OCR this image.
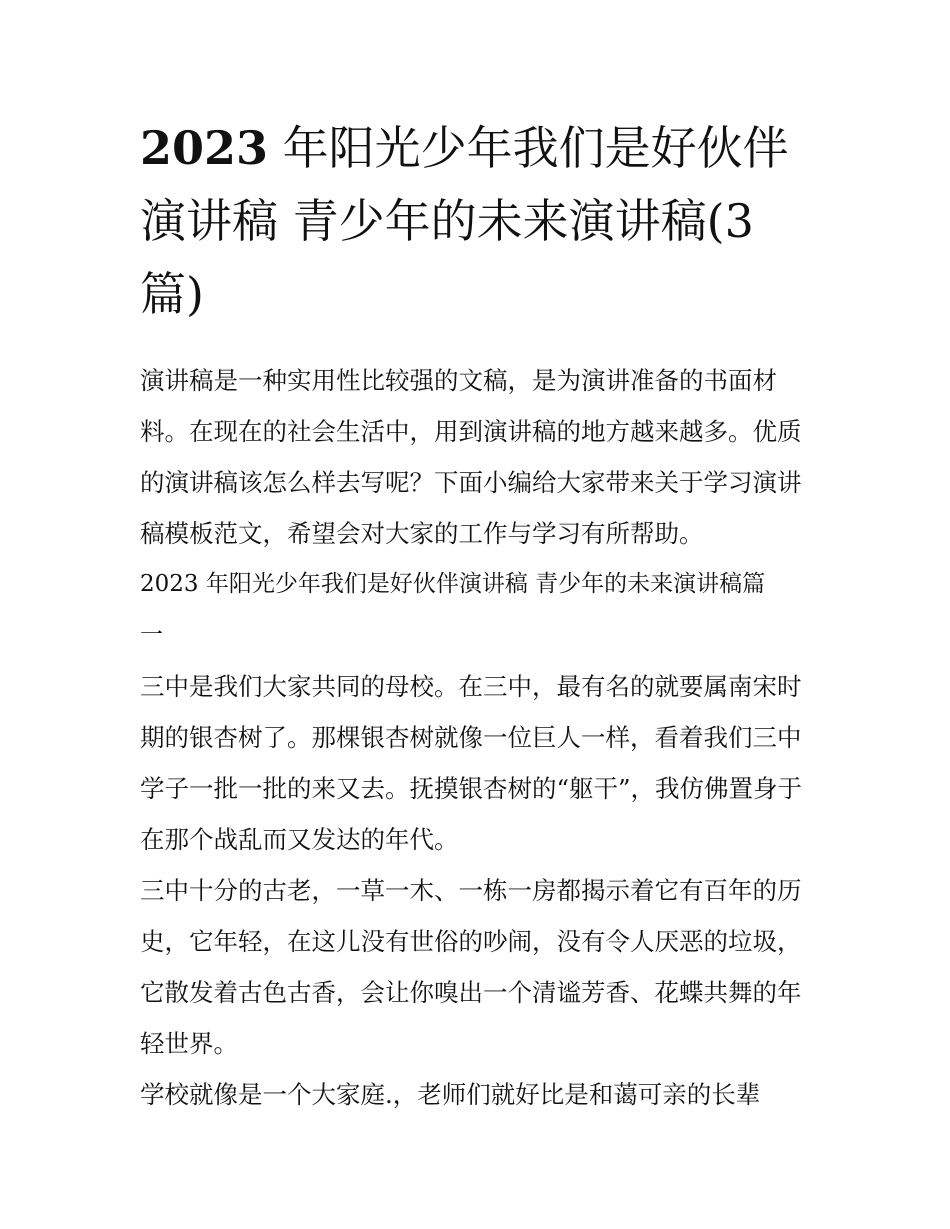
2023 年阳光少年我们是好伙伴
演讲稿 青少年的未来演讲稿(3
篇)

演讲稿是一种实用性比较强的文稿，是为演讲准备的书面材
料。在现在的社会生活中，用到演讲稿的地方越来越多。优质
的演讲稿该怎么样去写呢？下面小编给大家带来关于学习演讲
稿模板范文，希望会对大家的工作与学习有所帮助。

2023 年阳光少年我们是好伙伴演讲稿 青少年的未来演讲稿篇
一

三中是我们大家共同的母校。在三中，最有名的就要属南宋时
期的银杏树了。那棵银杏树就像一位巨人一样，看着我们三中
学子一批一批的来又去。抚摸银杏树的“躯干”，我仿佛置身于
在那个战乱而又发达的年代。

三中十分的古老，一草一木、一栋一房都揭示着它有百年的历
史，它年轻，在这儿没有世俗的吵闹，没有令人厌恶的垃圾，
它散发着古色古香，会让你嗅出一个清谧芳香、花蝶共舞的年
轻世界。

学校就像是一个大家庭.，老师们就好比是和蔼可亲的长辈
